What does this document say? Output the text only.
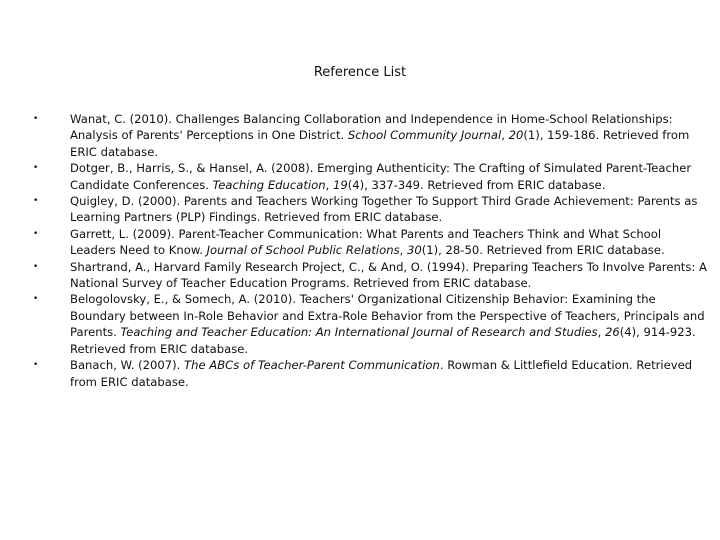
Reference List
•	Wanat, C. (2010). Challenges Balancing Collaboration and Independence in Home-School Relationships: Analysis of Parents' Perceptions in One District. School Community Journal, 20(1), 159-186. Retrieved from ERIC database.
•	Dotger, B., Harris, S., & Hansel, A. (2008). Emerging Authenticity: The Crafting of Simulated Parent-Teacher Candidate Conferences. Teaching Education, 19(4), 337-349. Retrieved from ERIC database.
•	Quigley, D. (2000). Parents and Teachers Working Together To Support Third Grade Achievement: Parents as Learning Partners (PLP) Findings. Retrieved from ERIC database.
•	Garrett, L. (2009). Parent-Teacher Communication: What Parents and Teachers Think and What School Leaders Need to Know. Journal of School Public Relations, 30(1), 28-50. Retrieved from ERIC database.
•	Shartrand, A., Harvard Family Research Project, C., & And, O. (1994). Preparing Teachers To Involve Parents: A National Survey of Teacher Education Programs. Retrieved from ERIC database.
•	Belogolovsky, E., & Somech, A. (2010). Teachers' Organizational Citizenship Behavior: Examining the Boundary between In-Role Behavior and Extra-Role Behavior from the Perspective of Teachers, Principals and Parents. Teaching and Teacher Education: An International Journal of Research and Studies, 26(4), 914-923. Retrieved from ERIC database.
•	Banach, W. (2007). The ABCs of Teacher-Parent Communication. Rowman & Littlefield Education. Retrieved from ERIC database.
